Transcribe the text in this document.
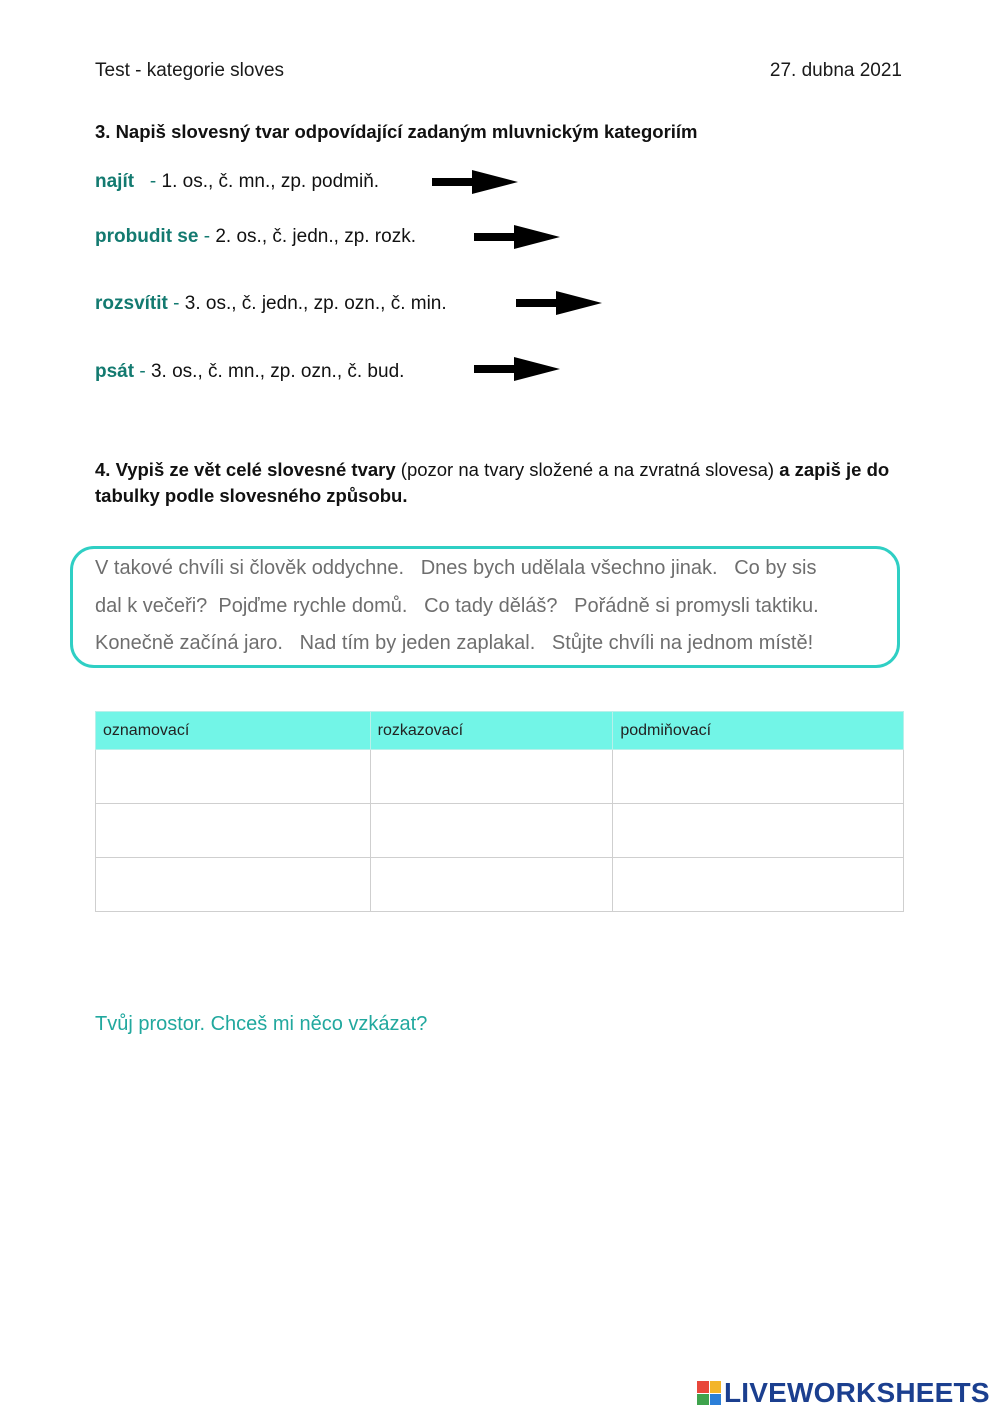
Test - kategorie sloves	27. dubna 2021
3. Napiš slovesný tvar odpovídající zadaným mluvnickým kategoriím
najít   - 1. os., č. mn., zp. podmiň.
probudit se - 2. os., č. jedn., zp. rozk.
rozsvítit - 3. os., č. jedn., zp. ozn., č. min.
psát - 3. os., č. mn., zp. ozn., č. bud.
4. Vypiš ze vět celé slovesné tvary (pozor na tvary složené a na zvratná slovesa) a zapiš je do tabulky podle slovesného způsobu.
V takové chvíli si člověk oddychne.   Dnes bych udělala všechno jinak.   Co by sis
dal k večeři?  Pojďme rychle domů.   Co tady děláš?   Pořádně si promysli taktiku.
Konečně začíná jaro.   Nad tím by jeden zaplakal.   Stůjte chvíli na jednom místě!
oznamovací	rozkazovací	podmiňovací

Tvůj prostor. Chceš mi něco vzkázat?
LIVEWORKSHEETS
